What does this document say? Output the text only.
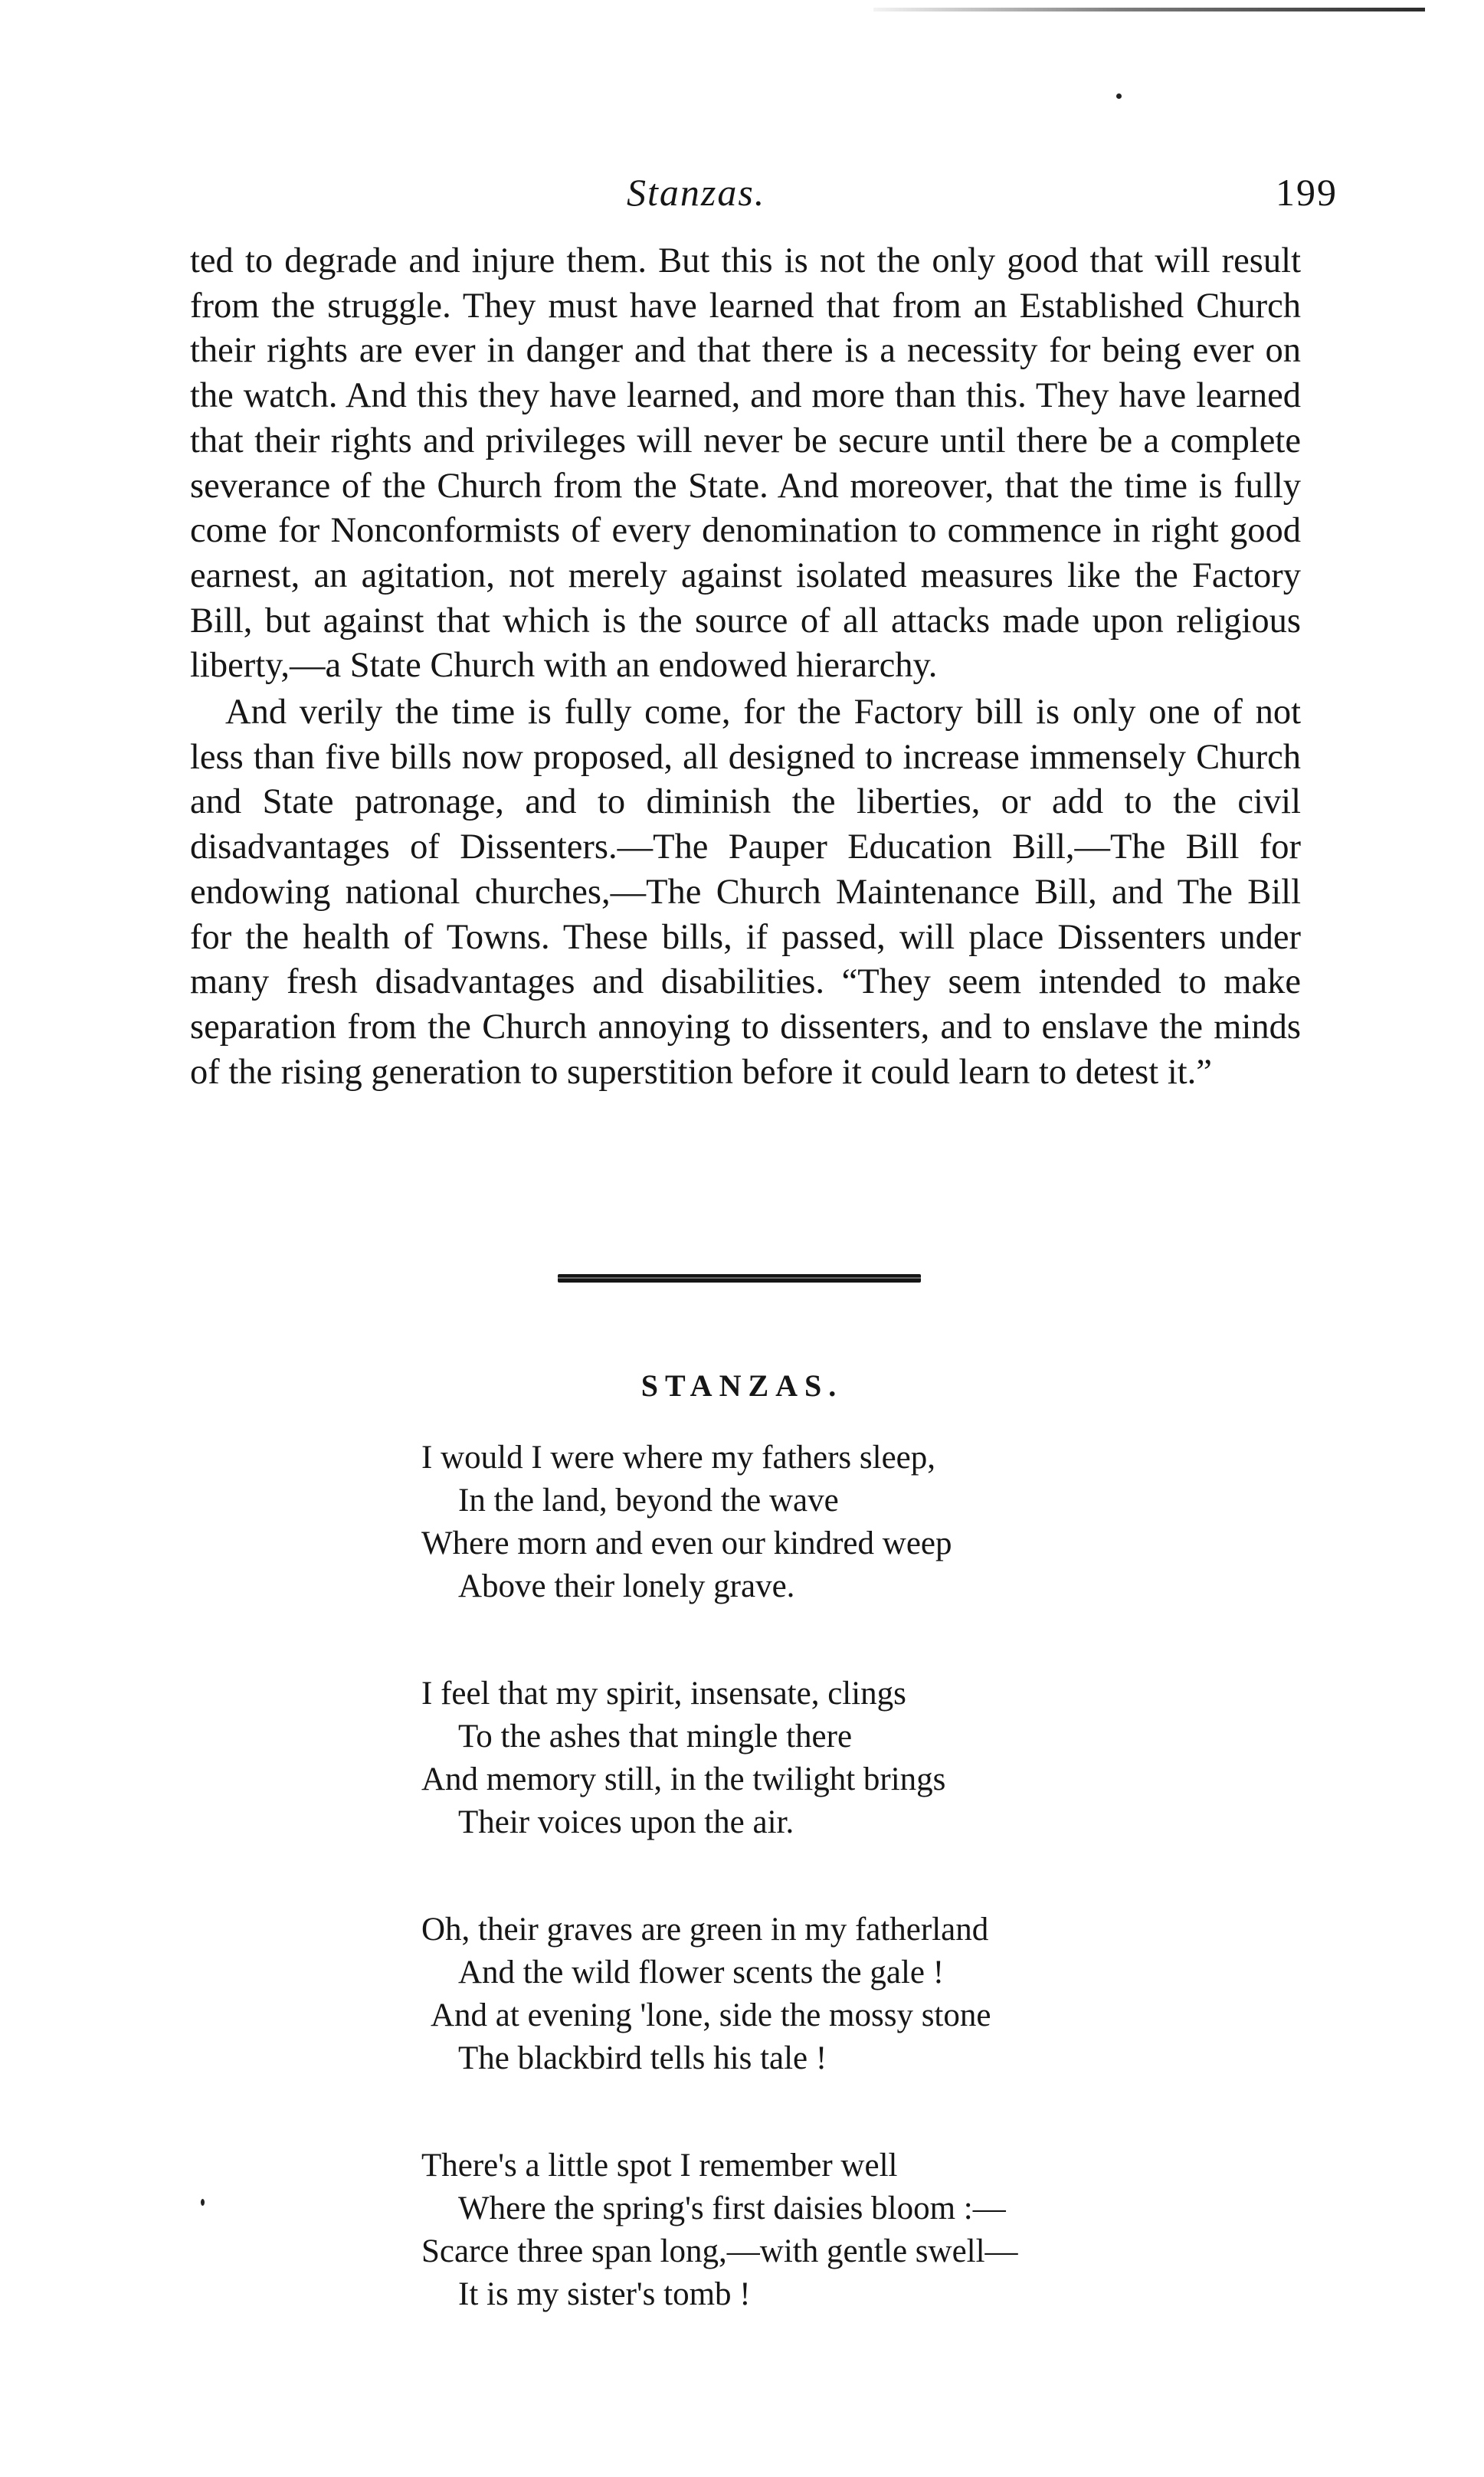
Stanzas.	199

ted to degrade and injure them. But this is not the only good that will result from the struggle. They must have learned that from an Established Church their rights are ever in danger and that there is a necessity for being ever on the watch. And this they have learned, and more than this. They have learned that their rights and privileges will never be secure until there be a complete severance of the Church from the State. And moreover, that the time is fully come for Nonconformists of every denomination to commence in right good earnest, an agitation, not merely against isolated measures like the Factory Bill, but against that which is the source of all attacks made upon religious liberty,—a State Church with an endowed hierarchy.

And verily the time is fully come, for the Factory bill is only one of not less than five bills now proposed, all designed to increase immensely Church and State patronage, and to diminish the liberties, or add to the civil disadvantages of Dissenters.—The Pauper Education Bill,—The Bill for endowing national churches,—The Church Maintenance Bill, and The Bill for the health of Towns. These bills, if passed, will place Dissenters under many fresh disadvantages and disabilities. “They seem intended to make separation from the Church annoying to dissenters, and to enslave the minds of the rising generation to superstition before it could learn to detest it.”

STANZAS.
I would I were where my fathers sleep,
In the land, beyond the wave
Where morn and even our kindred weep
Above their lonely grave.
I feel that my spirit, insensate, clings
To the ashes that mingle there
And memory still, in the twilight brings
Their voices upon the air.
Oh, their graves are green in my fatherland
And the wild flower scents the gale !
And at evening 'lone, side the mossy stone
The blackbird tells his tale !
There's a little spot I remember well
Where the spring's first daisies bloom :—
Scarce three span long,—with gentle swell—
It is my sister's tomb !
